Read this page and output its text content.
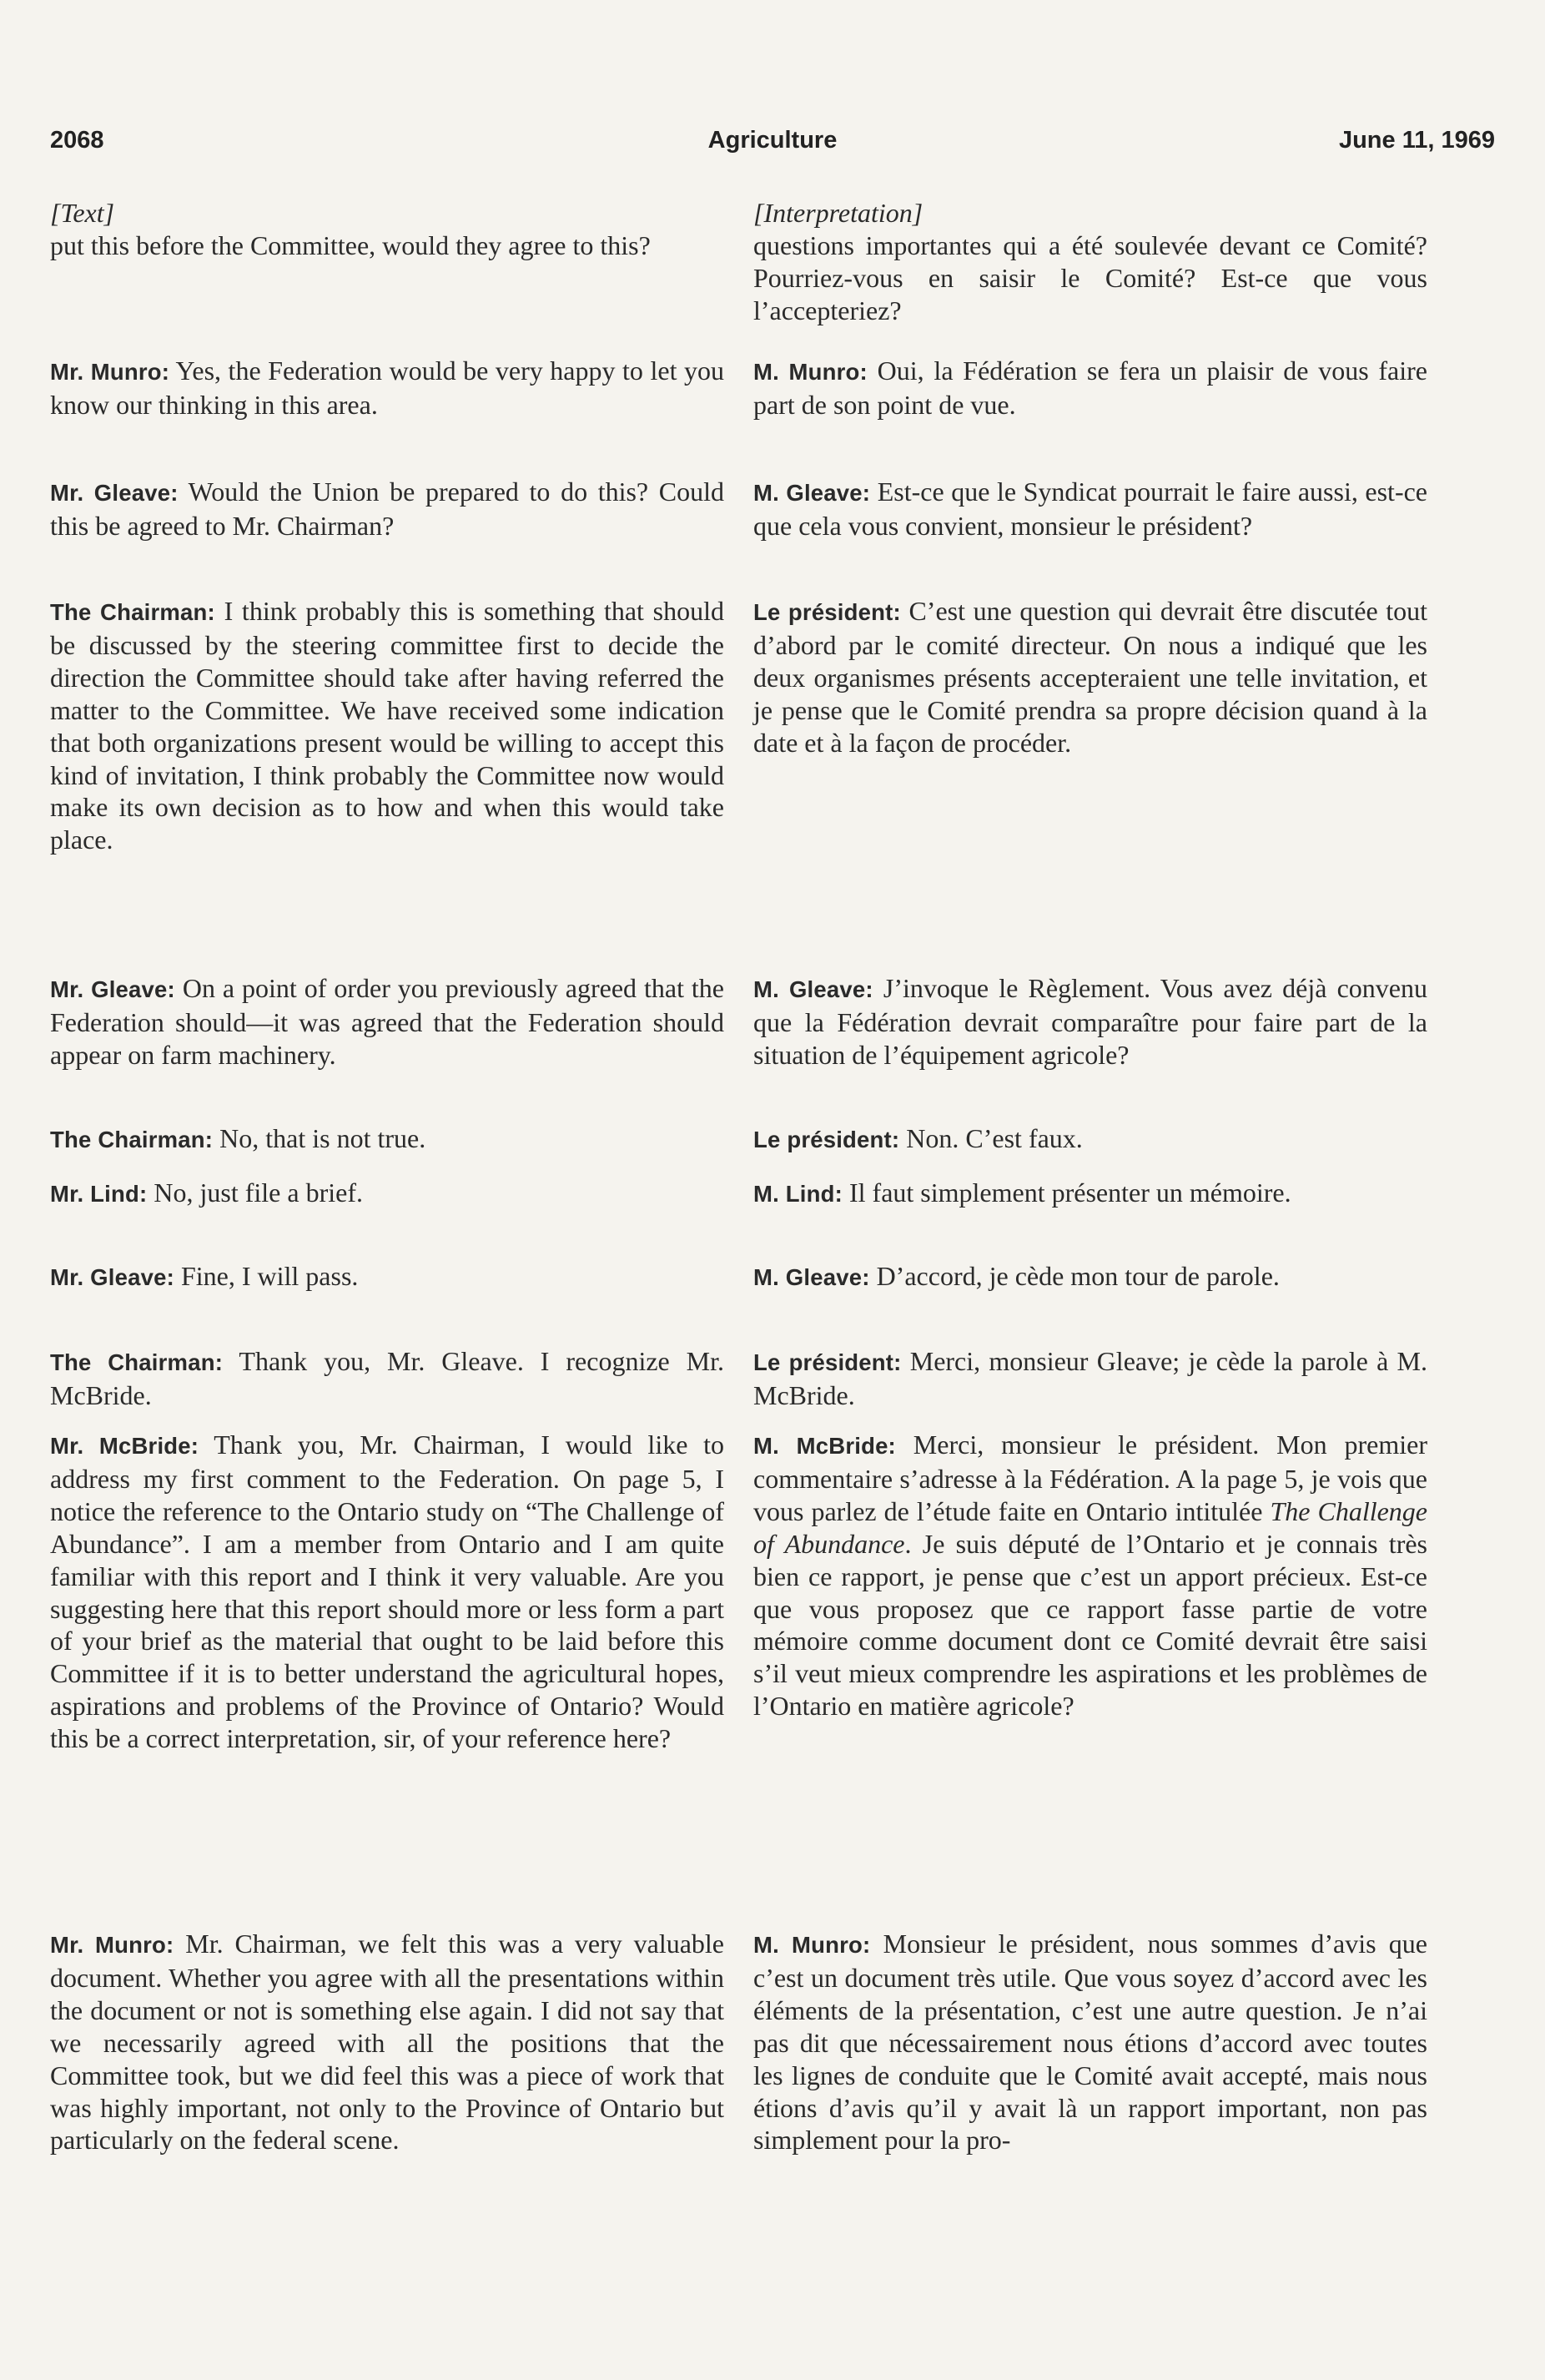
2068	Agriculture	June 11, 1969
[Text]

put this before the Committee, would they agree to this?

Mr. Munro: Yes, the Federation would be very happy to let you know our thinking in this area.

Mr. Gleave: Would the Union be prepared to do this? Could this be agreed to Mr. Chairman?

The Chairman: I think probably this is something that should be discussed by the steering committee first to decide the direction the Committee should take after having referred the matter to the Committee. We have received some indication that both organizations present would be willing to accept this kind of invitation, I think probably the Committee now would make its own decision as to how and when this would take place.

Mr. Gleave: On a point of order you previously agreed that the Federation should—it was agreed that the Federation should appear on farm machinery.

The Chairman: No, that is not true.

Mr. Lind: No, just file a brief.

Mr. Gleave: Fine, I will pass.

The Chairman: Thank you, Mr. Gleave. I recognize Mr. McBride.

Mr. McBride: Thank you, Mr. Chairman, I would like to address my first comment to the Federation. On page 5, I notice the reference to the Ontario study on “The Challenge of Abundance”. I am a member from Ontario and I am quite familiar with this report and I think it very valuable. Are you suggesting here that this report should more or less form a part of your brief as the material that ought to be laid before this Committee if it is to better understand the agricultural hopes, aspirations and problems of the Province of Ontario? Would this be a correct interpretation, sir, of your reference here?

Mr. Munro: Mr. Chairman, we felt this was a very valuable document. Whether you agree with all the presentations within the document or not is something else again. I did not say that we necessarily agreed with all the positions that the Committee took, but we did feel this was a piece of work that was highly important, not only to the Province of Ontario but particularly on the federal scene.

[Interpretation]

questions importantes qui a été soulevée devant ce Comité? Pourriez-vous en saisir le Comité? Est-ce que vous l’accepteriez?

M. Munro: Oui, la Fédération se fera un plaisir de vous faire part de son point de vue.

M. Gleave: Est-ce que le Syndicat pourrait le faire aussi, est-ce que cela vous convient, monsieur le président?

Le président: C’est une question qui devrait être discutée tout d’abord par le comité directeur. On nous a indiqué que les deux organismes présents accepteraient une telle invitation, et je pense que le Comité prendra sa propre décision quand à la date et à la façon de procéder.

M. Gleave: J’invoque le Règlement. Vous avez déjà convenu que la Fédération devrait comparaître pour faire part de la situation de l’équipement agricole?

Le président: Non. C’est faux.

M. Lind: Il faut simplement présenter un mémoire.

M. Gleave: D’accord, je cède mon tour de parole.

Le président: Merci, monsieur Gleave; je cède la parole à M. McBride.

M. McBride: Merci, monsieur le président. Mon premier commentaire s’adresse à la Fédération. A la page 5, je vois que vous parlez de l’étude faite en Ontario intitulée The Challenge of Abundance. Je suis député de l’Ontario et je connais très bien ce rapport, je pense que c’est un apport précieux. Est-ce que vous proposez que ce rapport fasse partie de votre mémoire comme document dont ce Comité devrait être saisi s’il veut mieux comprendre les aspirations et les problèmes de l’Ontario en matière agricole?

M. Munro: Monsieur le président, nous sommes d’avis que c’est un document très utile. Que vous soyez d’accord avec les éléments de la présentation, c’est une autre question. Je n’ai pas dit que nécessairement nous étions d’accord avec toutes les lignes de conduite que le Comité avait accepté, mais nous étions d’avis qu’il y avait là un rapport important, non pas simplement pour la pro-
